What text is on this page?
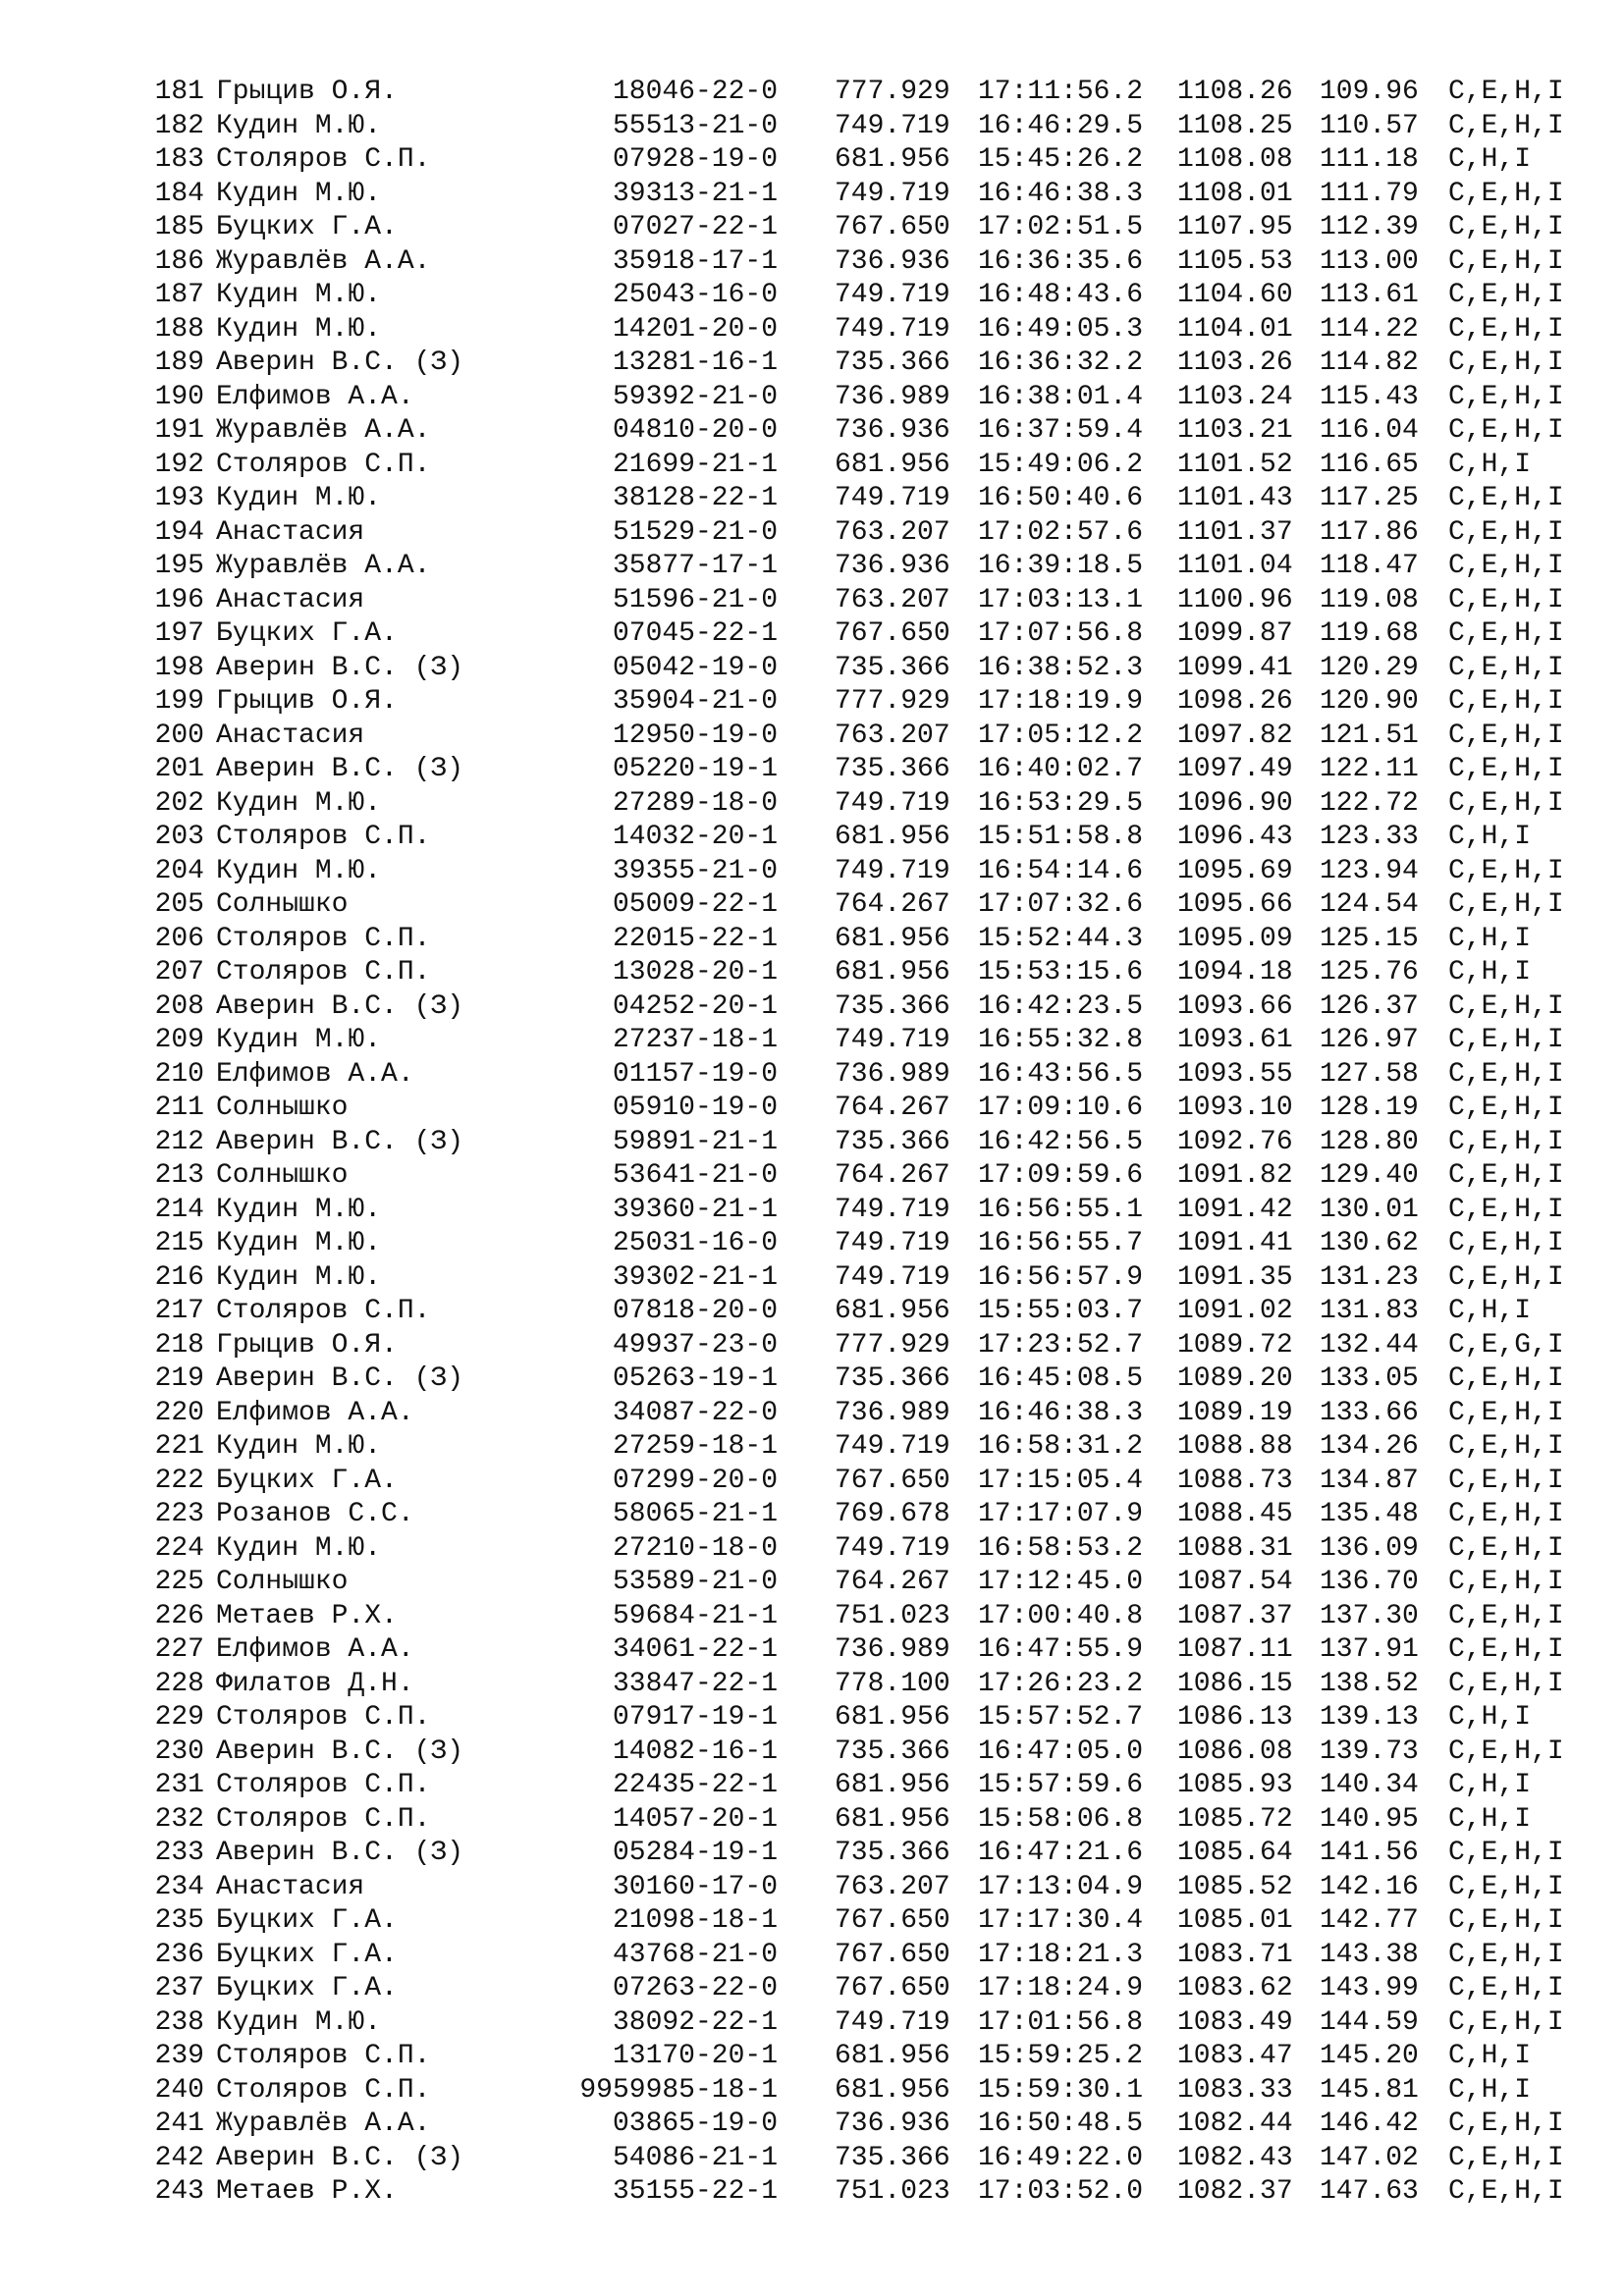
181 Грыцив О.Я.	18046-22-0 777.929 17:11:56.2 1108.26 109.96 C,E,H,I
182 Кудин М.Ю.	55513-21-0 749.719 16:46:29.5 1108.25 110.57 C,E,H,I
183 Столяров С.П.	07928-19-0 681.956 15:45:26.2 1108.08 111.18 C,H,I
184 Кудин М.Ю.	39313-21-1 749.719 16:46:38.3 1108.01 111.79 C,E,H,I
185 Буцких Г.А.	07027-22-1 767.650 17:02:51.5 1107.95 112.39 C,E,H,I
186 Журавлёв А.А.	35918-17-1 736.936 16:36:35.6 1105.53 113.00 C,E,H,I
187 Кудин М.Ю.	25043-16-0 749.719 16:48:43.6 1104.60 113.61 C,E,H,I
188 Кудин М.Ю.	14201-20-0 749.719 16:49:05.3 1104.01 114.22 C,E,H,I
189 Аверин В.С. (З)	13281-16-1 735.366 16:36:32.2 1103.26 114.82 C,E,H,I
190 Елфимов А.А.	59392-21-0 736.989 16:38:01.4 1103.24 115.43 C,E,H,I
191 Журавлёв А.А.	04810-20-0 736.936 16:37:59.4 1103.21 116.04 C,E,H,I
192 Столяров С.П.	21699-21-1 681.956 15:49:06.2 1101.52 116.65 C,H,I
193 Кудин М.Ю.	38128-22-1 749.719 16:50:40.6 1101.43 117.25 C,E,H,I
194 Анастасия	51529-21-0 763.207 17:02:57.6 1101.37 117.86 C,E,H,I
195 Журавлёв А.А.	35877-17-1 736.936 16:39:18.5 1101.04 118.47 C,E,H,I
196 Анастасия	51596-21-0 763.207 17:03:13.1 1100.96 119.08 C,E,H,I
197 Буцких Г.А.	07045-22-1 767.650 17:07:56.8 1099.87 119.68 C,E,H,I
198 Аверин В.С. (З)	05042-19-0 735.366 16:38:52.3 1099.41 120.29 C,E,H,I
199 Грыцив О.Я.	35904-21-0 777.929 17:18:19.9 1098.26 120.90 C,E,H,I
200 Анастасия	12950-19-0 763.207 17:05:12.2 1097.82 121.51 C,E,H,I
201 Аверин В.С. (З)	05220-19-1 735.366 16:40:02.7 1097.49 122.11 C,E,H,I
202 Кудин М.Ю.	27289-18-0 749.719 16:53:29.5 1096.90 122.72 C,E,H,I
203 Столяров С.П.	14032-20-1 681.956 15:51:58.8 1096.43 123.33 C,H,I
204 Кудин М.Ю.	39355-21-0 749.719 16:54:14.6 1095.69 123.94 C,E,H,I
205 Солнышко	05009-22-1 764.267 17:07:32.6 1095.66 124.54 C,E,H,I
206 Столяров С.П.	22015-22-1 681.956 15:52:44.3 1095.09 125.15 C,H,I
207 Столяров С.П.	13028-20-1 681.956 15:53:15.6 1094.18 125.76 C,H,I
208 Аверин В.С. (З)	04252-20-1 735.366 16:42:23.5 1093.66 126.37 C,E,H,I
209 Кудин М.Ю.	27237-18-1 749.719 16:55:32.8 1093.61 126.97 C,E,H,I
210 Елфимов А.А.	01157-19-0 736.989 16:43:56.5 1093.55 127.58 C,E,H,I
211 Солнышко	05910-19-0 764.267 17:09:10.6 1093.10 128.19 C,E,H,I
212 Аверин В.С. (З)	59891-21-1 735.366 16:42:56.5 1092.76 128.80 C,E,H,I
213 Солнышко	53641-21-0 764.267 17:09:59.6 1091.82 129.40 C,E,H,I
214 Кудин М.Ю.	39360-21-1 749.719 16:56:55.1 1091.42 130.01 C,E,H,I
215 Кудин М.Ю.	25031-16-0 749.719 16:56:55.7 1091.41 130.62 C,E,H,I
216 Кудин М.Ю.	39302-21-1 749.719 16:56:57.9 1091.35 131.23 C,E,H,I
217 Столяров С.П.	07818-20-0 681.956 15:55:03.7 1091.02 131.83 C,H,I
218 Грыцив О.Я.	49937-23-0 777.929 17:23:52.7 1089.72 132.44 C,E,G,I
219 Аверин В.С. (З)	05263-19-1 735.366 16:45:08.5 1089.20 133.05 C,E,H,I
220 Елфимов А.А.	34087-22-0 736.989 16:46:38.3 1089.19 133.66 C,E,H,I
221 Кудин М.Ю.	27259-18-1 749.719 16:58:31.2 1088.88 134.26 C,E,H,I
222 Буцких Г.А.	07299-20-0 767.650 17:15:05.4 1088.73 134.87 C,E,H,I
223 Розанов С.С.	58065-21-1 769.678 17:17:07.9 1088.45 135.48 C,E,H,I
224 Кудин М.Ю.	27210-18-0 749.719 16:58:53.2 1088.31 136.09 C,E,H,I
225 Солнышко	53589-21-0 764.267 17:12:45.0 1087.54 136.70 C,E,H,I
226 Метаев Р.Х.	59684-21-1 751.023 17:00:40.8 1087.37 137.30 C,E,H,I
227 Елфимов А.А.	34061-22-1 736.989 16:47:55.9 1087.11 137.91 C,E,H,I
228 Филатов Д.Н.	33847-22-1 778.100 17:26:23.2 1086.15 138.52 C,E,H,I
229 Столяров С.П.	07917-19-1 681.956 15:57:52.7 1086.13 139.13 C,H,I
230 Аверин В.С. (З)	14082-16-1 735.366 16:47:05.0 1086.08 139.73 C,E,H,I
231 Столяров С.П.	22435-22-1 681.956 15:57:59.6 1085.93 140.34 C,H,I
232 Столяров С.П.	14057-20-1 681.956 15:58:06.8 1085.72 140.95 C,H,I
233 Аверин В.С. (З)	05284-19-1 735.366 16:47:21.6 1085.64 141.56 C,E,H,I
234 Анастасия	30160-17-0 763.207 17:13:04.9 1085.52 142.16 C,E,H,I
235 Буцких Г.А.	21098-18-1 767.650 17:17:30.4 1085.01 142.77 C,E,H,I
236 Буцких Г.А.	43768-21-0 767.650 17:18:21.3 1083.71 143.38 C,E,H,I
237 Буцких Г.А.	07263-22-0 767.650 17:18:24.9 1083.62 143.99 C,E,H,I
238 Кудин М.Ю.	38092-22-1 749.719 17:01:56.8 1083.49 144.59 C,E,H,I
239 Столяров С.П.	13170-20-1 681.956 15:59:25.2 1083.47 145.20 C,H,I
240 Столяров С.П.	9959985-18-1 681.956 15:59:30.1 1083.33 145.81 C,H,I
241 Журавлёв А.А.	03865-19-0 736.936 16:50:48.5 1082.44 146.42 C,E,H,I
242 Аверин В.С. (З)	54086-21-1 735.366 16:49:22.0 1082.43 147.02 C,E,H,I
243 Метаев Р.Х.	35155-22-1 751.023 17:03:52.0 1082.37 147.63 C,E,H,I
